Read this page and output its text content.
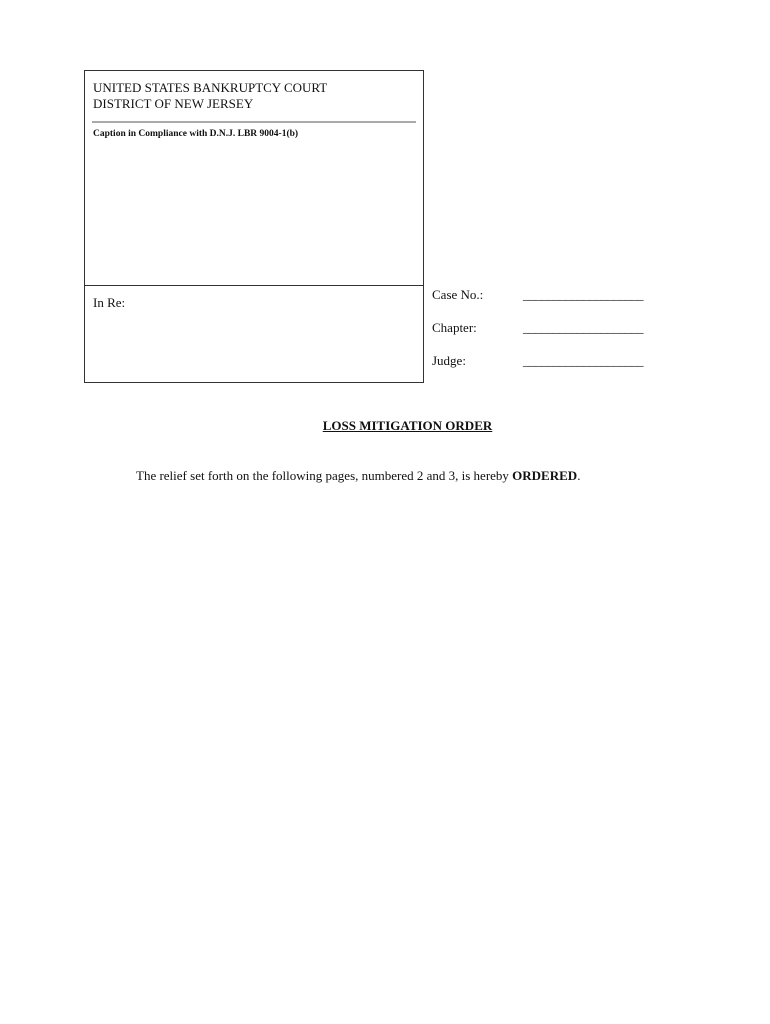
UNITED STATES BANKRUPTCY COURT
DISTRICT OF NEW JERSEY
Caption in Compliance with D.N.J. LBR 9004-1(b)
In Re:
Case No.:	____________________
Chapter:	____________________
Judge:	____________________
LOSS MITIGATION ORDER
The relief set forth on the following pages, numbered 2 and 3, is hereby ORDERED.
